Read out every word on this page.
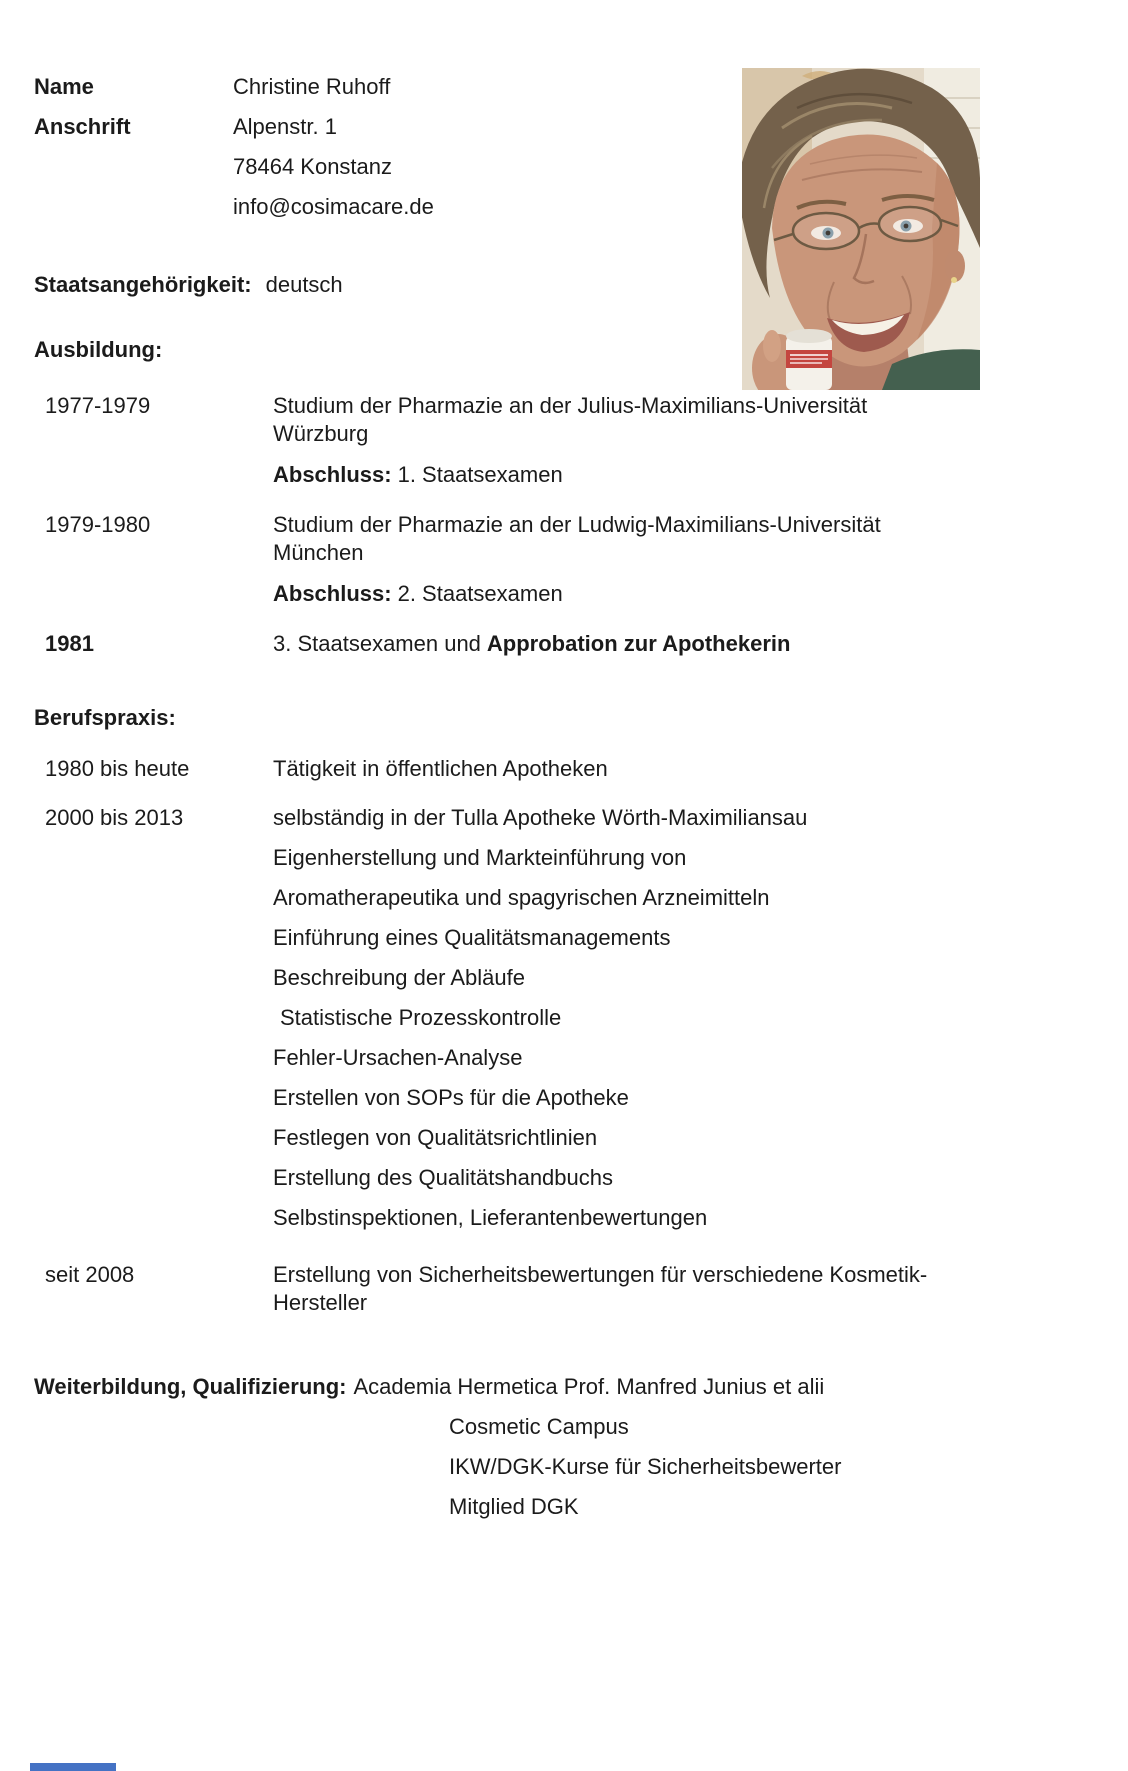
Name	Christine Ruhoff
Anschrift	Alpenstr. 1
78464 Konstanz
info@cosimacare.de
Staatsangehörigkeit: deutsch
Ausbildung:
1977-1979	Studium der Pharmazie an der Julius-Maximilians-Universität
Würzburg
Abschluss: 1. Staatsexamen
1979-1980	Studium der Pharmazie an der Ludwig-Maximilians-Universität
München
Abschluss: 2. Staatsexamen
1981	3. Staatsexamen und Approbation zur Apothekerin
Berufspraxis:
1980 bis heute	Tätigkeit in öffentlichen Apotheken
2000 bis 2013	selbständig in der Tulla Apotheke Wörth-Maximiliansau
Eigenherstellung und Markteinführung von
Aromatherapeutika und spagyrischen Arzneimitteln
Einführung eines Qualitätsmanagements
Beschreibung der Abläufe
Statistische Prozesskontrolle
Fehler-Ursachen-Analyse
Erstellen von SOPs für die Apotheke
Festlegen von Qualitätsrichtlinien
Erstellung des Qualitätshandbuchs
Selbstinspektionen, Lieferantenbewertungen
seit 2008	Erstellung von Sicherheitsbewertungen für verschiedene Kosmetik-
Hersteller
Weiterbildung, Qualifizierung: Academia Hermetica Prof. Manfred Junius et alii
Cosmetic Campus
IKW/DGK-Kurse für Sicherheitsbewerter
Mitglied DGK
